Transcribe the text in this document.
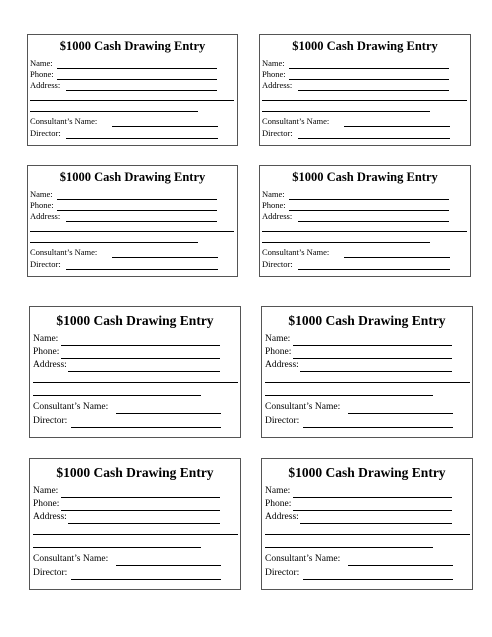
$1000 Cash Drawing Entry
Name:
Phone:
Address:
Consultant’s Name:
Director:
$1000 Cash Drawing Entry
Name:
Phone:
Address:
Consultant’s Name:
Director:
$1000 Cash Drawing Entry
Name:
Phone:
Address:
Consultant’s Name:
Director:
$1000 Cash Drawing Entry
Name:
Phone:
Address:
Consultant’s Name:
Director:
$1000 Cash Drawing Entry
Name:
Phone:
Address:
Consultant’s Name:
Director:
$1000 Cash Drawing Entry
Name:
Phone:
Address:
Consultant’s Name:
Director:
$1000 Cash Drawing Entry
Name:
Phone:
Address:
Consultant’s Name:
Director:
$1000 Cash Drawing Entry
Name:
Phone:
Address:
Consultant’s Name:
Director:
